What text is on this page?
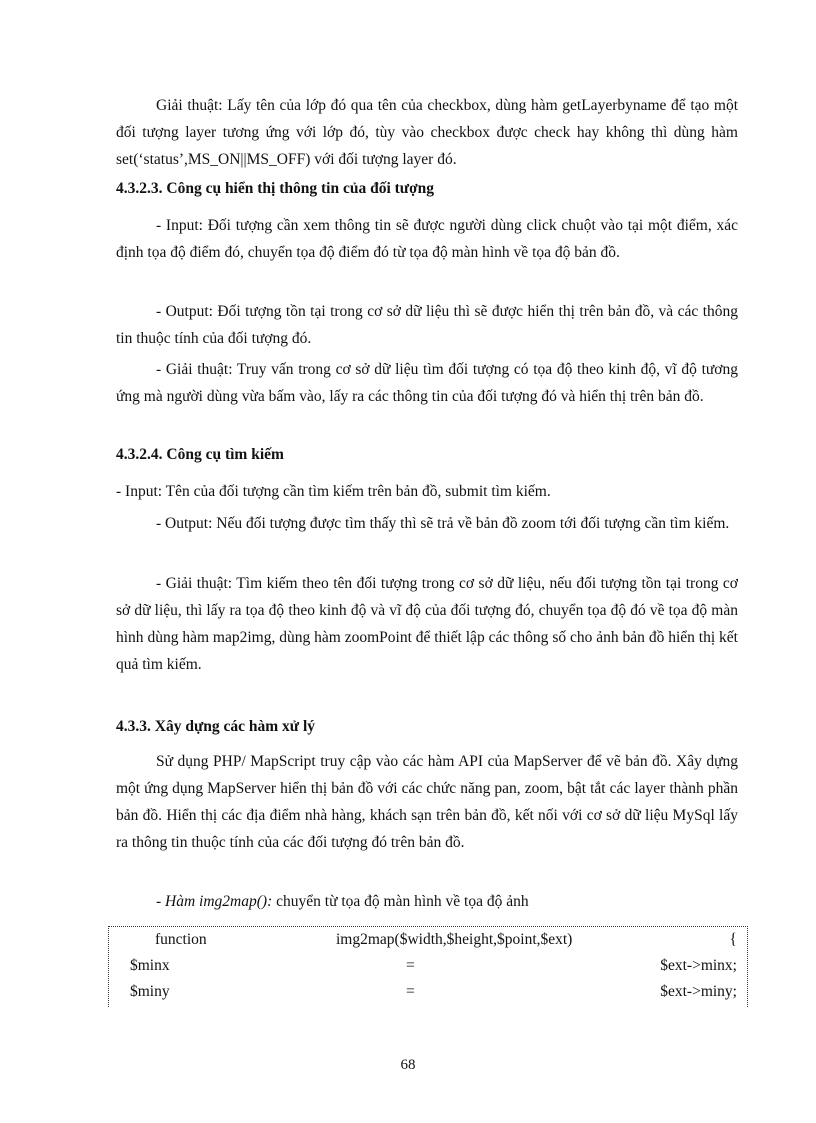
Giải thuật: Lấy tên của lớp đó qua tên của checkbox, dùng hàm getLayerbyname để tạo một đối tượng layer tương ứng với lớp đó, tùy vào checkbox được check hay không thì dùng hàm set(‘status’,MS_ON||MS_OFF) với đối tượng layer đó.

4.3.2.3. Công cụ hiển thị thông tin của đối tượng

- Input: Đối tượng cần xem thông tin sẽ được người dùng click chuột vào tại một điểm, xác định tọa độ điểm đó, chuyển tọa độ điểm đó từ tọa độ màn hình về tọa độ bản đồ.

- Output: Đối tượng tồn tại trong cơ sở dữ liệu thì sẽ được hiển thị trên bản đồ, và các thông tin thuộc tính của đối tượng đó.

- Giải thuật: Truy vấn trong cơ sở dữ liệu tìm đối tượng có tọa độ theo kinh độ, vĩ độ tương ứng mà người dùng vừa bấm vào, lấy ra các thông tin của đối tượng đó và hiển thị trên bản đồ.

4.3.2.4. Công cụ tìm kiếm

- Input: Tên của đối tượng cần tìm kiếm trên bản đồ, submit tìm kiếm.

- Output: Nếu đối tượng được tìm thấy thì sẽ trả về bản đồ zoom tới đối tượng cần tìm kiếm.

- Giải thuật: Tìm kiếm theo tên đối tượng trong cơ sở dữ liệu, nếu đối tượng tồn tại trong cơ sở dữ liệu, thì lấy ra tọa độ theo kinh độ và vĩ độ của đối tượng đó, chuyển tọa độ đó về tọa độ màn hình dùng hàm map2img, dùng hàm zoomPoint để thiết lập các thông số cho ảnh bản đồ hiển thị kết quả tìm kiếm.

4.3.3. Xây dựng các hàm xử lý

Sử dụng PHP/ MapScript truy cập vào các hàm API của MapServer để vẽ bản đồ. Xây dựng một ứng dụng MapServer hiển thị bản đồ với các chức năng pan, zoom, bật tắt các layer thành phần bản đồ. Hiển thị các địa điểm nhà hàng, khách sạn trên bản đồ, kết nối với cơ sở dữ liệu MySql lấy ra thông tin thuộc tính của các đối tượng đó trên bản đồ.

- Hàm img2map(): chuyển từ tọa độ màn hình về tọa độ ảnh

function	img2map($width,$height,$point,$ext)	{
$minx	=	$ext->minx;
$miny	=	$ext->miny;
68
